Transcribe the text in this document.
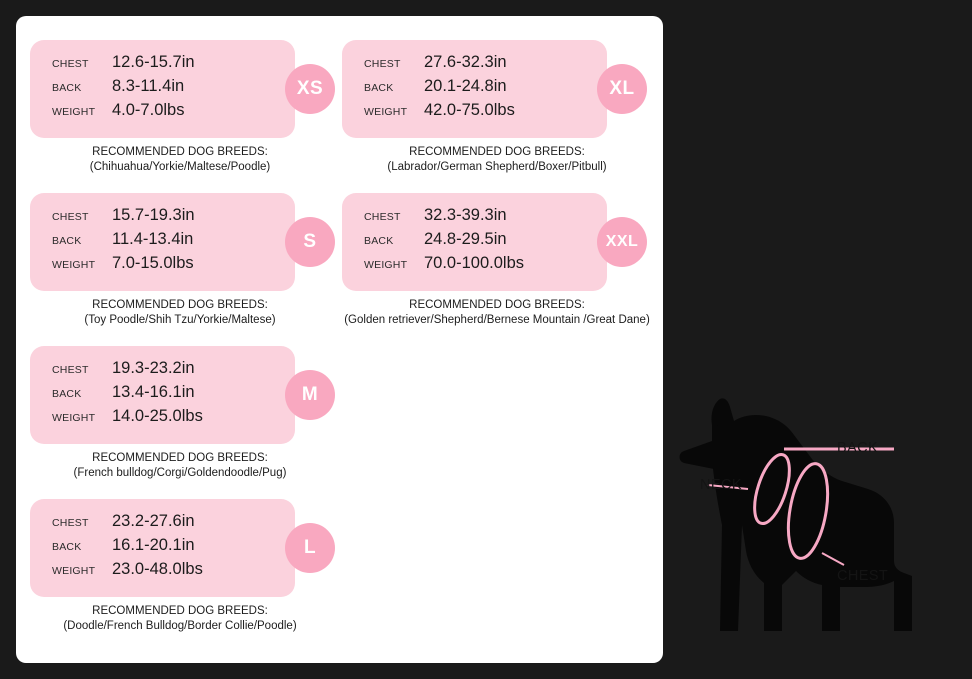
CHEST	12.6-15.7in
BACK	8.3-11.4in
WEIGHT	4.0-7.0lbs
XS
RECOMMENDED DOG BREEDS:
(Chihuahua/Yorkie/Maltese/Poodle)
CHEST	15.7-19.3in
BACK	11.4-13.4in
WEIGHT	7.0-15.0lbs
S
RECOMMENDED DOG BREEDS:
(Toy Poodle/Shih Tzu/Yorkie/Maltese)
CHEST	19.3-23.2in
BACK	13.4-16.1in
WEIGHT	14.0-25.0lbs
M
RECOMMENDED DOG BREEDS:
(French bulldog/Corgi/Goldendoodle/Pug)
CHEST	23.2-27.6in
BACK	16.1-20.1in
WEIGHT	23.0-48.0lbs
L
RECOMMENDED DOG BREEDS:
(Doodle/French Bulldog/Border Collie/Poodle)
CHEST	27.6-32.3in
BACK	20.1-24.8in
WEIGHT	42.0-75.0lbs
XL
RECOMMENDED DOG BREEDS:
(Labrador/German Shepherd/Boxer/Pitbull)
CHEST	32.3-39.3in
BACK	24.8-29.5in
WEIGHT	70.0-100.0lbs
XXL
RECOMMENDED DOG BREEDS:
(Golden retriever/Shepherd/Bernese Mountain /Great Dane)
BACK
NECK
CHEST
